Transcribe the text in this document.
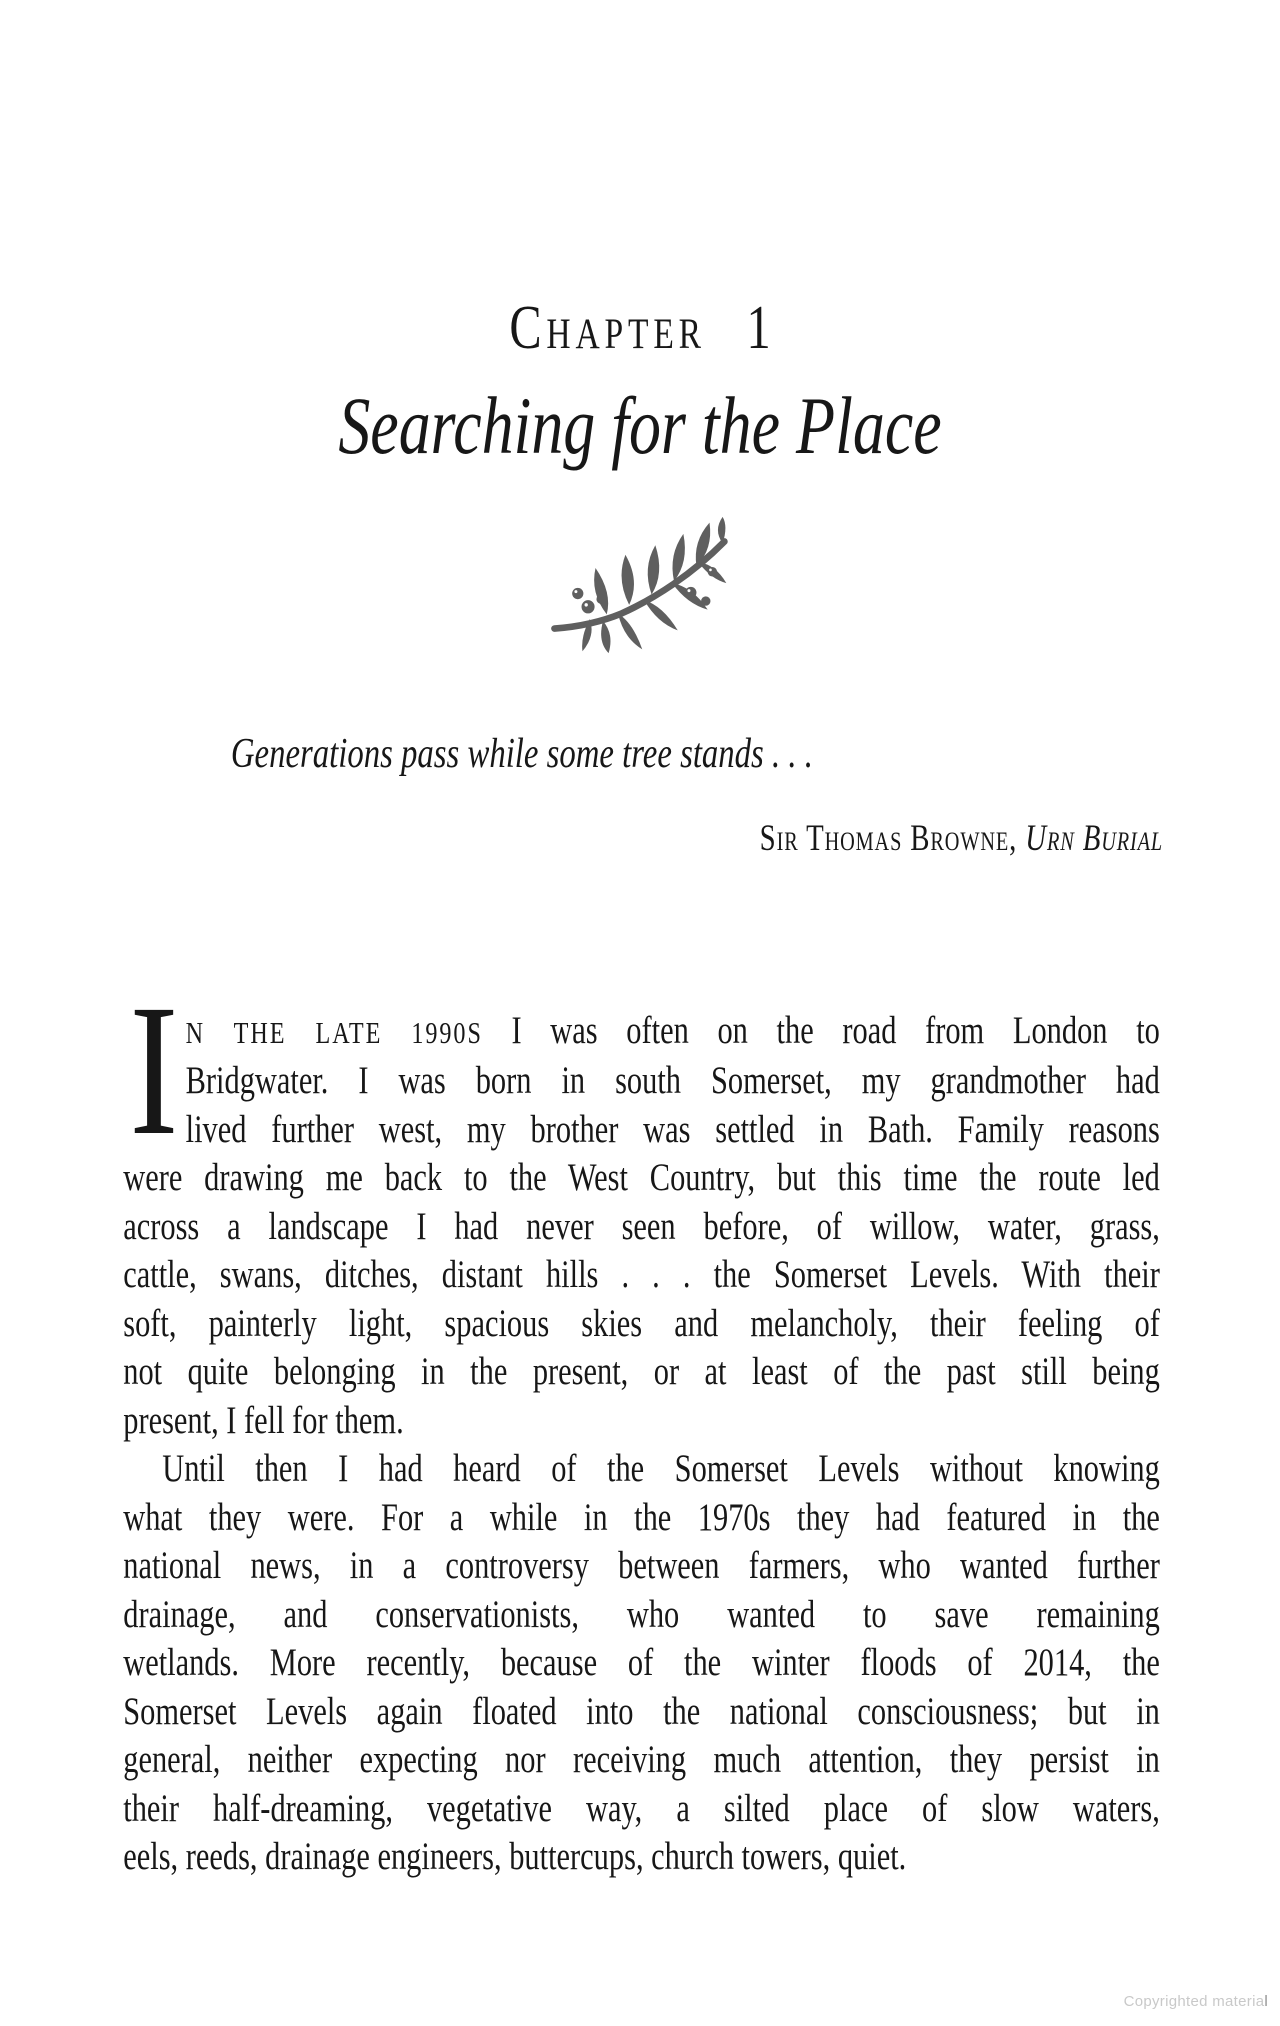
Chapter 1
Searching for the Place
Generations pass while some tree stands . . .
Sir Thomas Browne, Urn Burial
I N THE LATE 1990S I was often on the road from London to
Bridgwater. I was born in south Somerset, my grandmother had
lived further west, my brother was settled in Bath. Family reasons
were drawing me back to the West Country, but this time the route led
across a landscape I had never seen before, of willow, water, grass,
cattle, swans, ditches, distant hills . . . the Somerset Levels. With their
soft, painterly light, spacious skies and melancholy, their feeling of
not quite belonging in the present, or at least of the past still being
present, I fell for them.
Until then I had heard of the Somerset Levels without knowing
what they were. For a while in the 1970s they had featured in the
national news, in a controversy between farmers, who wanted further
drainage, and conservationists, who wanted to save remaining
wetlands. More recently, because of the winter floods of 2014, the
Somerset Levels again floated into the national consciousness; but in
general, neither expecting nor receiving much attention, they persist in
their half-dreaming, vegetative way, a silted place of slow waters,
eels, reeds, drainage engineers, buttercups, church towers, quiet.
Copyrighted material
